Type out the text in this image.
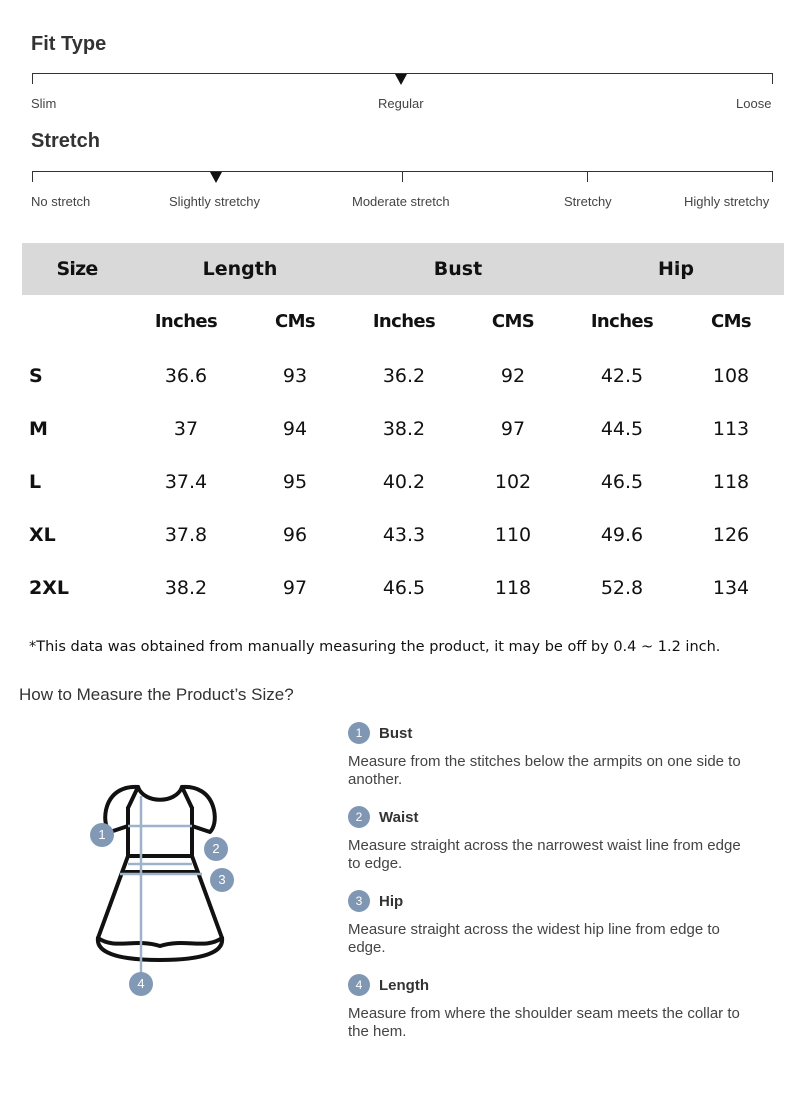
Fit Type
Slim	Regular	Loose
Stretch
No stretch	Slightly stretchy	Moderate stretch	Stretchy	Highly stretchy
Size	Length	Bust	Hip
Inches	CMs	Inches	CMS	Inches	CMs
S	36.6	93	36.2	92	42.5	108
M	37	94	38.2	97	44.5	113
L	37.4	95	40.2	102	46.5	118
XL	37.8	96	43.3	110	49.6	126
2XL	38.2	97	46.5	118	52.8	134
*This data was obtained from manually measuring the product, it may be off by 0.4 ~ 1.2 inch.
How to Measure the Product’s Size?
1
2
3
4
1	Bust
Measure from the stitches below the armpits on one side to another.
2	Waist
Measure straight across the narrowest waist line from edge to edge.
3	Hip
Measure straight across the widest hip line from edge to edge.
4	Length
Measure from where the shoulder seam meets the collar to the hem.
